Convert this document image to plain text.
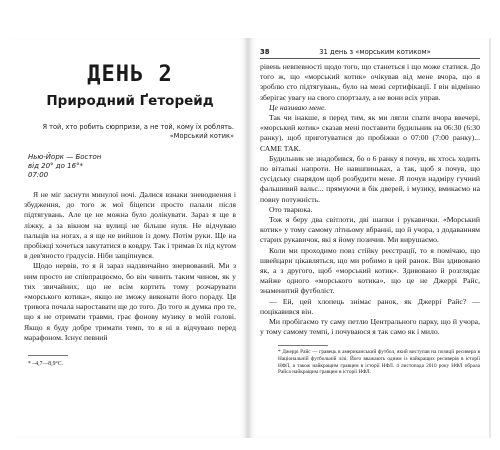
ДЕНЬ 2
Природний Ґеторейд
Я той, хто робить сюрпризи, а не той, кому їх роблять.
«Морський котик»
Нью-Йорк — Бостон
від 20° до 16°*
07:00

Я не міг заснути минулої ночі. Далися взнаки зневоднення і збудження, до того ж мої біцепси просто палали після підтягувань. Але це не можна було долікувати. Зараз я ще в ліжку, а за вікном на вулиці не більше нуля. Не відчуваю пальців на ногах, а я ще не вийшов із дому. Потім руки. Ще на пробіжці хочеться закутатися в ковдру. Так і тримав їх під кутом в дев'яносто градусів. Ніби защіпнувся.

Щодо нервів, то я й зараз надзвичайно знервований. Ми з ним просто не співпрацюємо, бо він чинить таким чином, як у тих звичайних, що не всім кортить тому розчарувати «морського котика», якщо не зможу виконати його пораду. Ця тривога почала нароставати ще до того. До того ж думка про те, що я не отримати травми, грає фонову музику в моїй голові. Якщо я буду добре тримати темп, то я ні в відчуваю перед марафоном. Існує певний

* –4,7—8,9°С.
38	31 день з «морським котиком»

рівень невпевності щодо того, що станеться і що може статися. До того ж, що «морський котик» очікував від мене вчора, що я зроблю сто підтягувань, було на межі сертифікації. І він відмінно зберігає увагу на свого спортзалу, а не вони всіх управ.

Це називаю мене.

Так чи інакше, я перед тим, як ми лягли спати вчора ввечері, «морський котик» сказав мені поставити будильник на 06:30 (6:30 ранку), щоб приготуватися до пробіжки о 07:00 (7:00 ранку)... САМЕ ТАК.

Будильник не знадобився, бо о 6 ранку я почув, як хтось ходить по віталькі напроти. Не навшпиньках, а так, щоб я почув, що сусідську снарядом щоб розбудити мене. Я почув надміру гучний фальшивий вальс... прямуючи в бік дверей, і музику, вмикаємо на повну потужність.

Ото тварюка.

Тож я беру два світлоти, дві шапки і рукавички. «Морський котик» у тому самому літньому вбранні, що й учора, з додаванням старих рукавичок, які я йому позичив. Ми вирушаємо.

Коли ми проходимо повз стійку реєстрації, то я помічаю, що швейцари цікавляться, що ми робимо в цей ранок. Він здивовано як, а з другого, щоб «морський котик». Здивовано й розглядає майже одного «морського котика», що це не Джеррі Райс, знаменитий футболіст.

— Ей, цей хлопець знімає ранок, як Джеррі Райс? — поцікавився він.

Ми пробігаємо ту саму петлю Центрального парку, що й учора, у тому самому темпі, і почуваюся я так само як і мило.

* Джеррі Райс — гравець в американський футбол, який виступав на позиції ресивера в Національній футбольній лізі. Його вважають одним із найкращих ресиверів в історії НФЛ, а також найкращим гравцем в історії НФЛ. 4 листопада 2010 року НФЛ обрала Райса найкращим гравцем в історії НФЛ.
